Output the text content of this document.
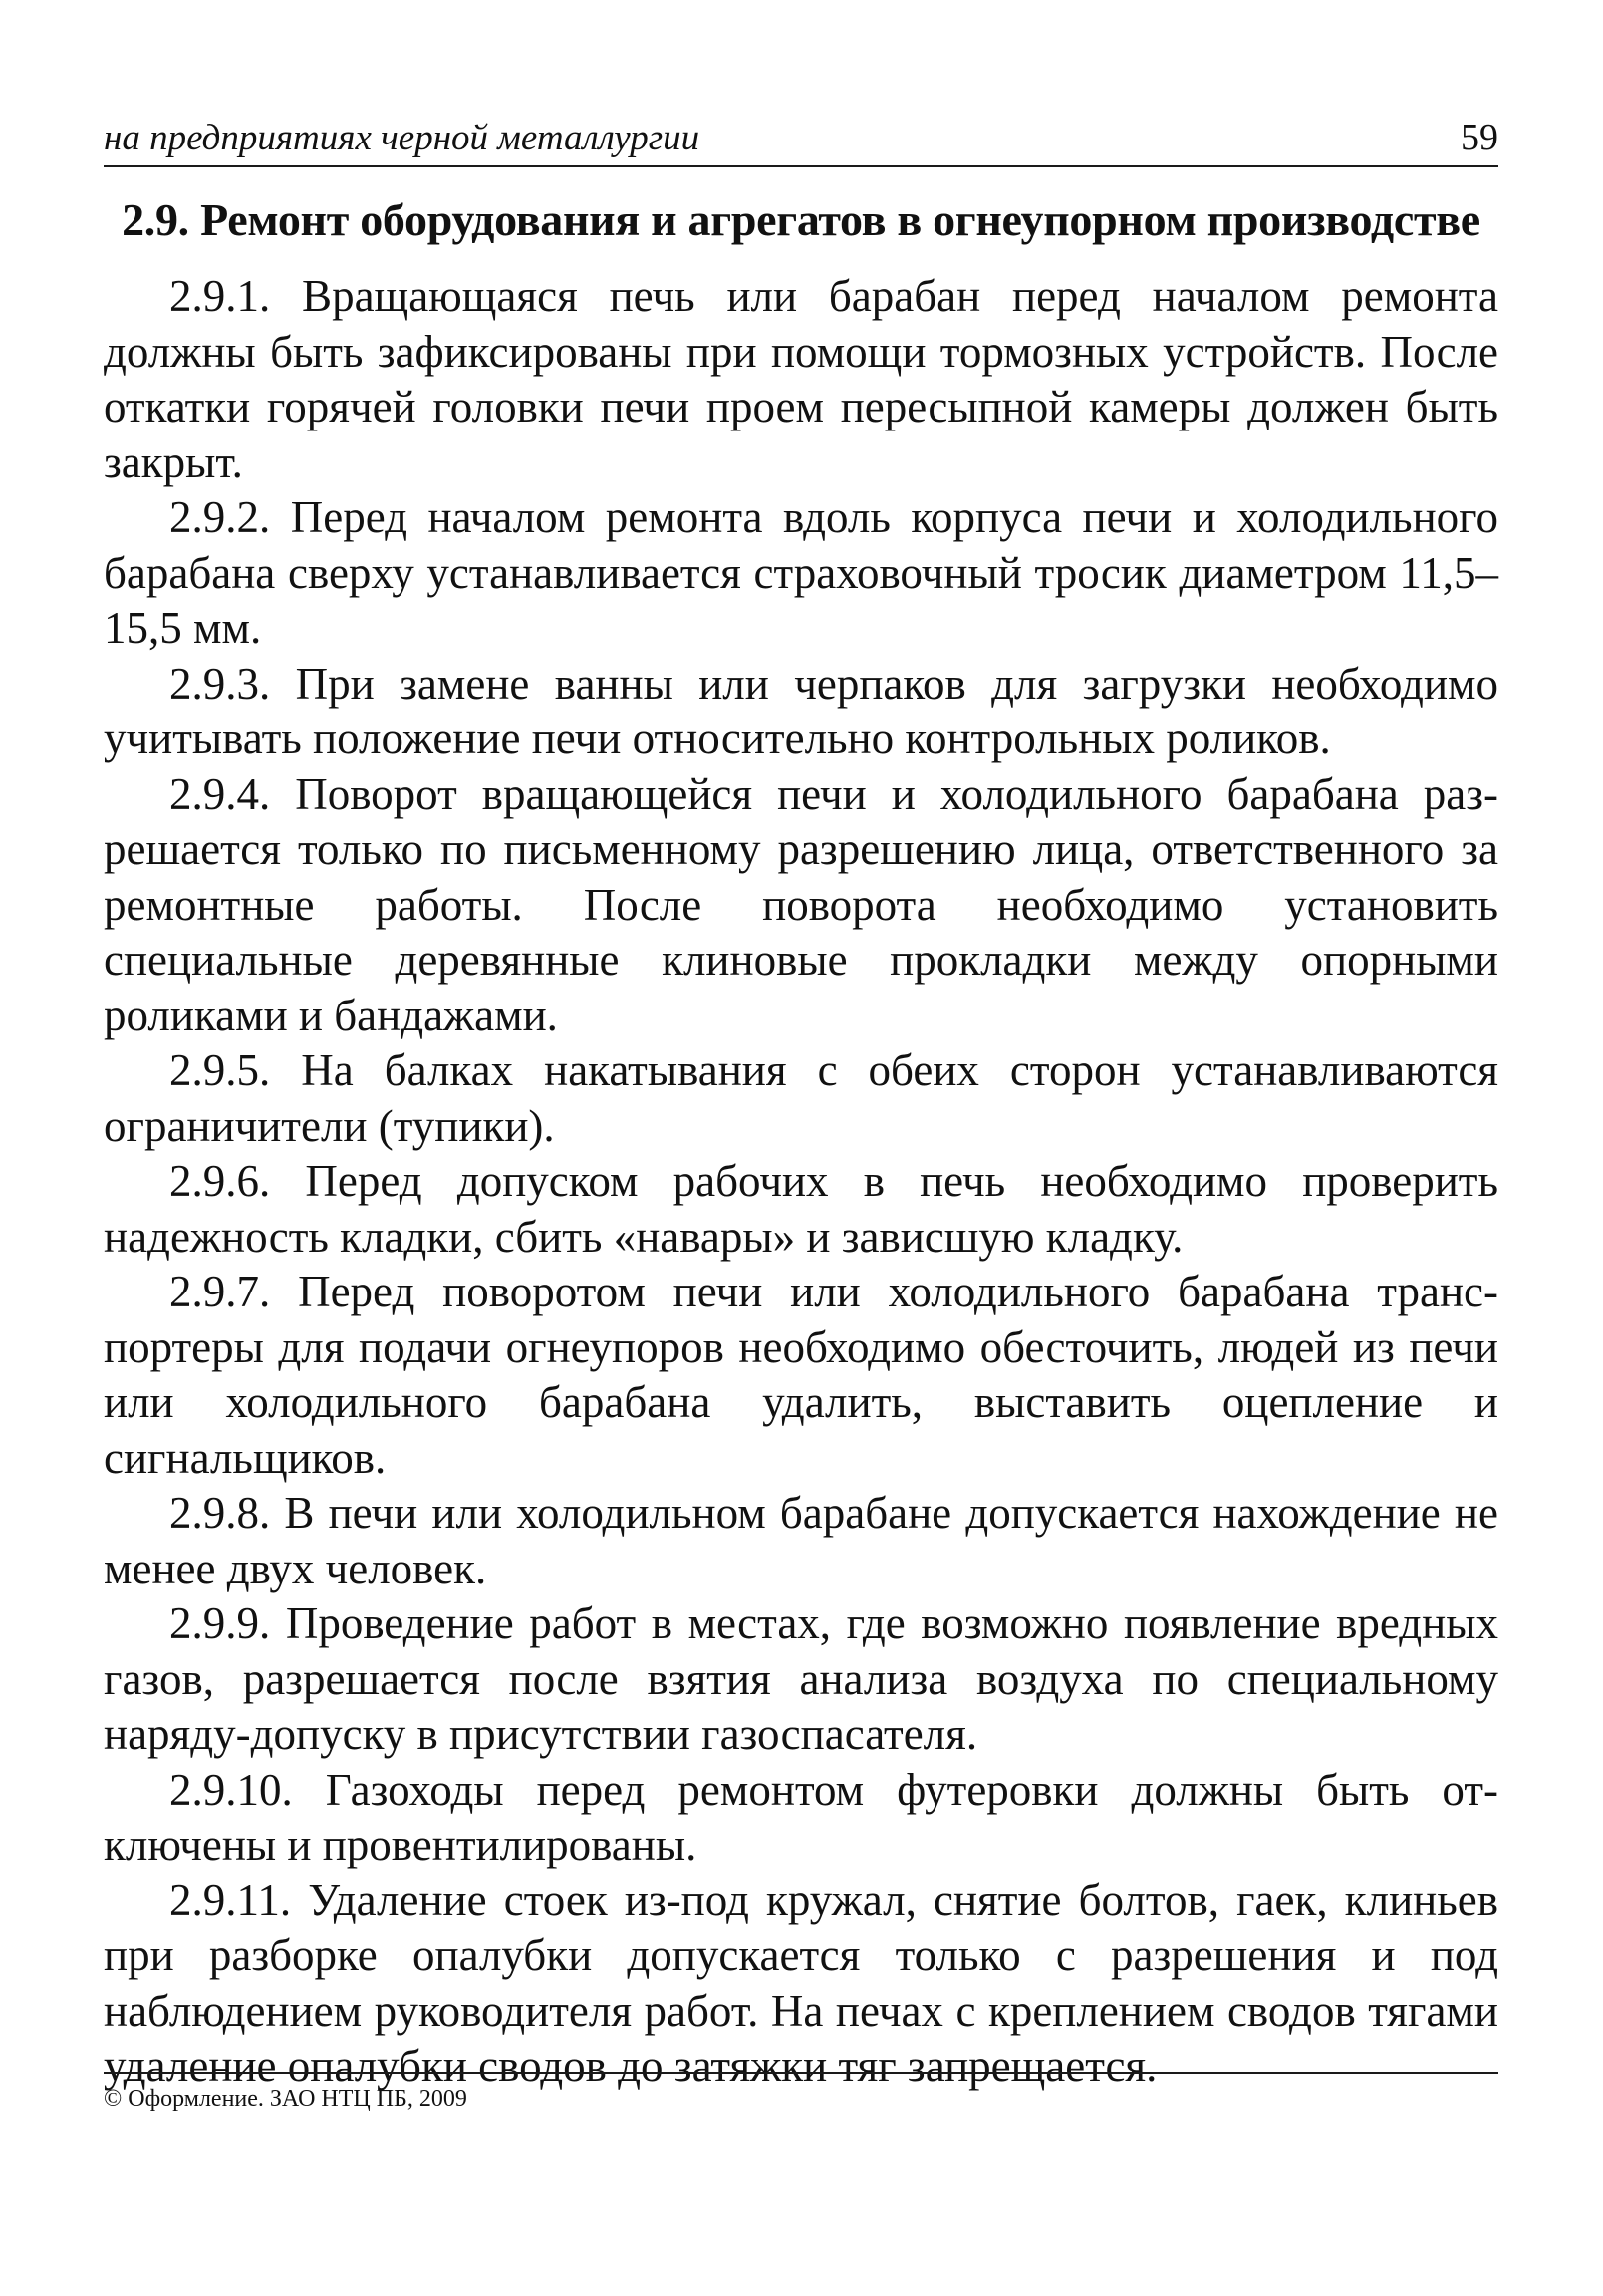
на предприятиях черной металлургии	59
2.9. Ремонт оборудования и агрегатов в огнеупорном производстве

2.9.1. Вращающаяся печь или барабан перед началом ремонта должны быть зафиксированы при помощи тормозных устройств. После откатки горячей головки печи проем пересыпной камеры должен быть закрыт.

2.9.2. Перед началом ремонта вдоль корпуса печи и холодильного барабана сверху устанавливается страховочный тросик диаметром 11,5–15,5 мм.

2.9.3. При замене ванны или черпаков для загрузки необходимо учитывать положение печи относительно контрольных роликов.

2.9.4. Поворот вращающейся печи и холодильного барабана разрешается только по письменному разрешению лица, ответственного за ремонтные работы. После поворота необходимо установить специальные деревянные клиновые прокладки между опорными роликами и бандажами.

2.9.5. На балках накатывания с обеих сторон устанавливаются ограничители (тупики).

2.9.6. Перед допуском рабочих в печь необходимо проверить надежность кладки, сбить «навары» и зависшую кладку.

2.9.7. Перед поворотом печи или холодильного барабана транспортеры для подачи огнеупоров необходимо обесточить, людей из печи или холодильного барабана удалить, выставить оцепление и сигнальщиков.

2.9.8. В печи или холодильном барабане допускается нахождение не менее двух человек.

2.9.9. Проведение работ в местах, где возможно появление вредных газов, разрешается после взятия анализа воздуха по специальному наряду-допуску в присутствии газоспасателя.

2.9.10. Газоходы перед ремонтом футеровки должны быть отключены и провентилированы.

2.9.11. Удаление стоек из-под кружал, снятие болтов, гаек, клиньев при разборке опалубки допускается только с разрешения и под наблюдением руководителя работ. На печах с креплением сводов тягами удаление опалубки сводов до затяжки тяг запрещается.

© Оформление. ЗАО НТЦ ПБ, 2009
